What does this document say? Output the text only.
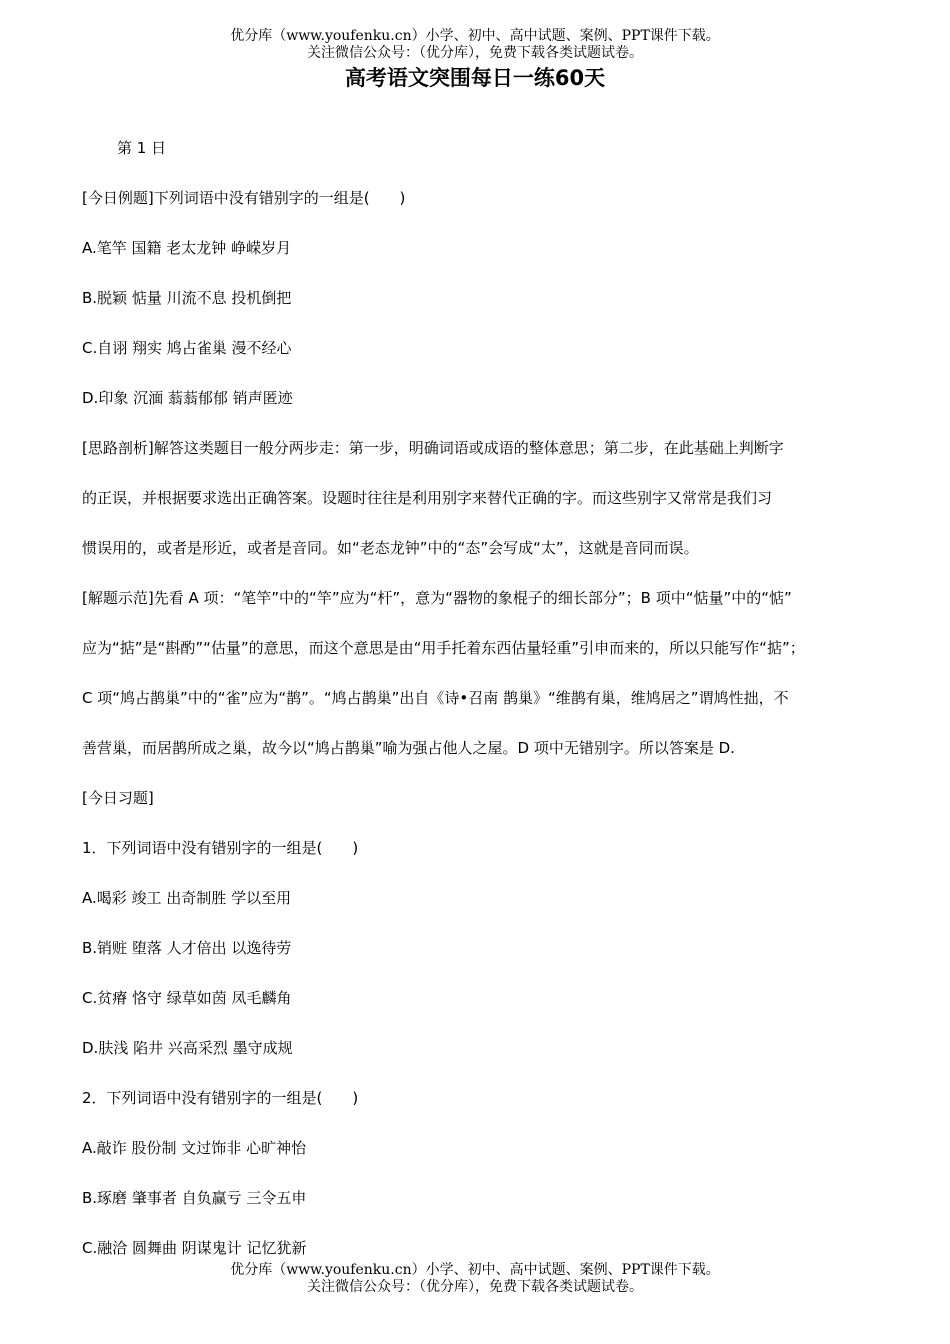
优分库（www.youfenku.cn）小学、初中、高中试题、案例、PPT课件下载。
关注微信公众号：（优分库），免费下载各类试题试卷。
高考语文突围每日一练60天
第 1 日
[今日例题]下列词语中没有错别字的一组是(　　)
A.笔竿 国籍 老太龙钟 峥嵘岁月
B.脱颖 惦量 川流不息 投机倒把
C.自诩 翔实 鸠占雀巢 漫不经心
D.印象 沉湎 蓊蓊郁郁 销声匿迹
[思路剖析]解答这类题目一般分两步走：第一步，明确词语或成语的整体意思；第二步，在此基础上判断字
的正误，并根据要求选出正确答案。设题时往往是利用别字来替代正确的字。而这些别字又常常是我们习
惯误用的，或者是形近，或者是音同。如“老态龙钟”中的“态”会写成“太”，这就是音同而误。
[解题示范]先看 A 项：“笔竿”中的“竿”应为“杆”，意为“器物的象棍子的细长部分”；B 项中“惦量”中的“惦”
应为“掂”是“斟酌”“估量”的意思，而这个意思是由“用手托着东西估量轻重”引申而来的，所以只能写作“掂”；
C 项“鸠占鹊巢”中的“雀”应为“鹊”。“鸠占鹊巢”出自《诗•召南 鹊巢》“维鹊有巢，维鸠居之”谓鸠性拙，不
善营巢，而居鹊所成之巢，故今以“鸠占鹊巢”喻为强占他人之屋。D 项中无错别字。所以答案是 D.
[今日习题]
1．下列词语中没有错别字的一组是(　　)
A.喝彩 竣工 出奇制胜 学以至用
B.销赃 堕落 人才倍出 以逸待劳
C.贫瘠 恪守 绿草如茵 凤毛麟角
D.肤浅 陷井 兴高采烈 墨守成规
2．下列词语中没有错别字的一组是(　　)
A.敲诈 股份制 文过饰非 心旷神怡
B.琢磨 肇事者 自负赢亏 三令五申
C.融洽 圆舞曲 阴谋鬼计 记忆犹新
优分库（www.youfenku.cn）小学、初中、高中试题、案例、PPT课件下载。
关注微信公众号：（优分库），免费下载各类试题试卷。
